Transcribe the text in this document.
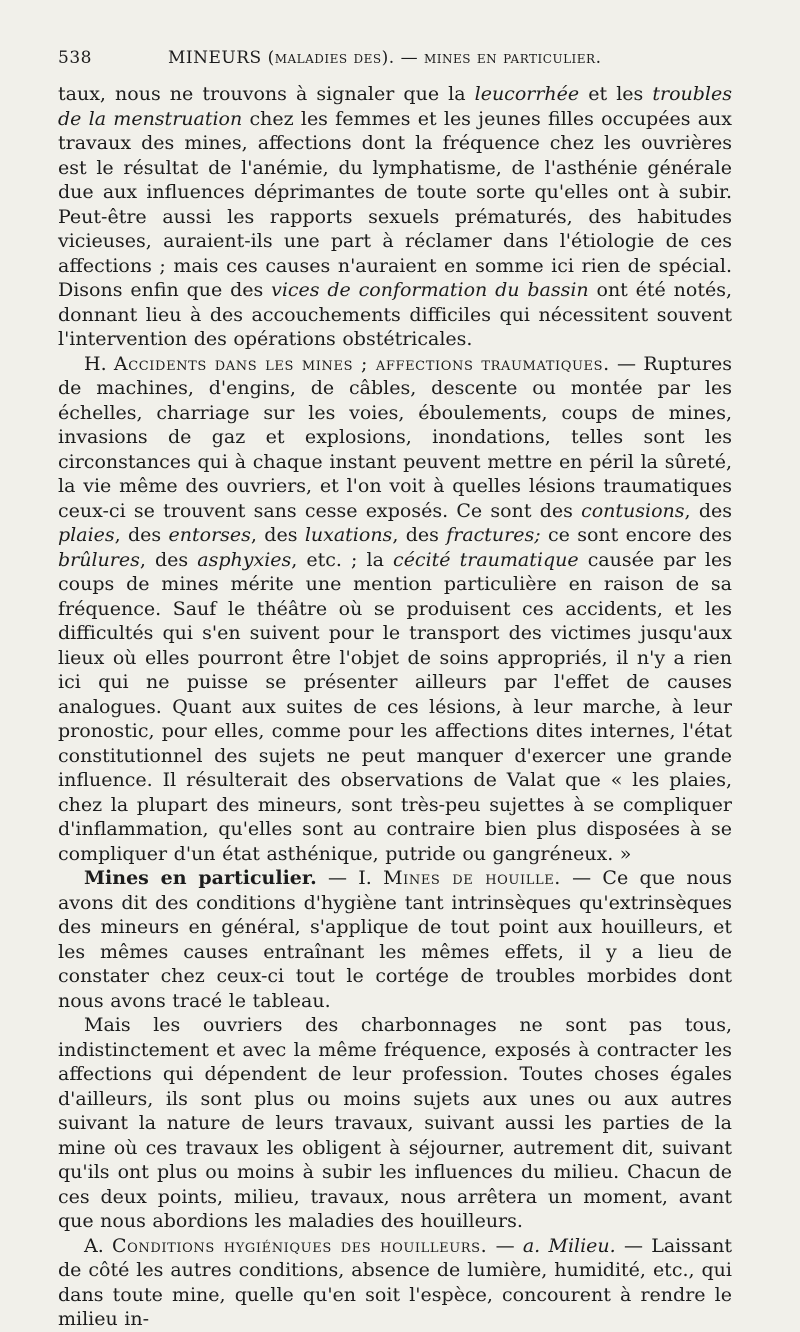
538	MINEURS (maladies des). — mines en particulier.

taux, nous ne trouvons à signaler que la leucorrhée et les troubles de la menstruation chez les femmes et les jeunes filles occupées aux travaux des mines, affections dont la fréquence chez les ouvrières est le résultat de l'anémie, du lymphatisme, de l'asthénie générale due aux influences déprimantes de toute sorte qu'elles ont à subir. Peut-être aussi les rapports sexuels prématurés, des habitudes vicieuses, auraient-ils une part à réclamer dans l'étiologie de ces affections ; mais ces causes n'auraient en somme ici rien de spécial. Disons enfin que des vices de conformation du bassin ont été notés, donnant lieu à des accouchements difficiles qui nécessitent souvent l'intervention des opérations obstétricales.

H. Accidents dans les mines ; affections traumatiques. — Ruptures de machines, d'engins, de câbles, descente ou montée par les échelles, charriage sur les voies, éboulements, coups de mines, invasions de gaz et explosions, inondations, telles sont les circonstances qui à chaque instant peuvent mettre en péril la sûreté, la vie même des ouvriers, et l'on voit à quelles lésions traumatiques ceux-ci se trouvent sans cesse exposés. Ce sont des contusions, des plaies, des entorses, des luxations, des fractures; ce sont encore des brûlures, des asphyxies, etc. ; la cécité traumatique causée par les coups de mines mérite une mention particulière en raison de sa fréquence. Sauf le théâtre où se produisent ces accidents, et les difficultés qui s'en suivent pour le transport des victimes jusqu'aux lieux où elles pourront être l'objet de soins appropriés, il n'y a rien ici qui ne puisse se présenter ailleurs par l'effet de causes analogues. Quant aux suites de ces lésions, à leur marche, à leur pronostic, pour elles, comme pour les affections dites internes, l'état constitutionnel des sujets ne peut manquer d'exercer une grande influence. Il résulterait des observations de Valat que « les plaies, chez la plupart des mineurs, sont très-peu sujettes à se compliquer d'inflammation, qu'elles sont au contraire bien plus disposées à se compliquer d'un état asthénique, putride ou gangréneux. »

Mines en particulier. — I. Mines de houille. — Ce que nous avons dit des conditions d'hygiène tant intrinsèques qu'extrinsèques des mineurs en général, s'applique de tout point aux houilleurs, et les mêmes causes entraînant les mêmes effets, il y a lieu de constater chez ceux-ci tout le cortége de troubles morbides dont nous avons tracé le tableau.

Mais les ouvriers des charbonnages ne sont pas tous, indistinctement et avec la même fréquence, exposés à contracter les affections qui dépendent de leur profession. Toutes choses égales d'ailleurs, ils sont plus ou moins sujets aux unes ou aux autres suivant la nature de leurs travaux, suivant aussi les parties de la mine où ces travaux les obligent à séjourner, autrement dit, suivant qu'ils ont plus ou moins à subir les influences du milieu. Chacun de ces deux points, milieu, travaux, nous arrêtera un moment, avant que nous abordions les maladies des houilleurs.

A. Conditions hygiéniques des houilleurs. — a. Milieu. — Laissant de côté les autres conditions, absence de lumière, humidité, etc., qui dans toute mine, quelle qu'en soit l'espèce, concourent à rendre le milieu in-
